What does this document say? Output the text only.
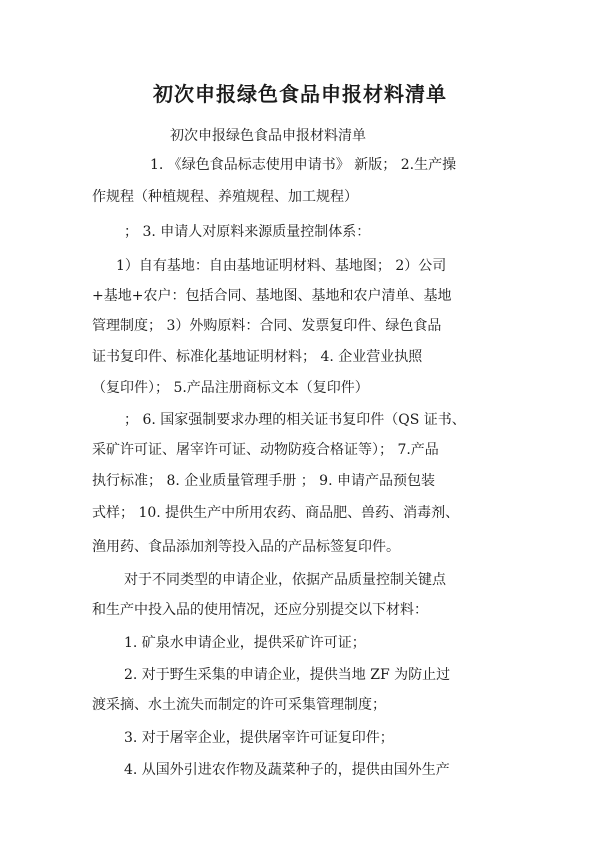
初次申报绿色食品申报材料清单
初次申报绿色食品申报材料清单
1. 《绿色食品标志使用申请书》 新版； 2.生产操
作规程（种植规程、养殖规程、加工规程）
； 3. 申请人对原料来源质量控制体系：
1）自有基地：自由基地证明材料、基地图； 2）公司
+基地+农户：包括合同、基地图、基地和农户清单、基地
管理制度； 3）外购原料：合同、发票复印件、绿色食品
证书复印件、标准化基地证明材料； 4. 企业营业执照
（复印件）； 5.产品注册商标文本（复印件）
； 6. 国家强制要求办理的相关证书复印件（QS 证书、
采矿许可证、屠宰许可证、动物防疫合格证等）； 7.产品
执行标准； 8. 企业质量管理手册 ； 9. 申请产品预包装
式样； 10. 提供生产中所用农药、商品肥、兽药、消毒剂、
渔用药、食品添加剂等投入品的产品标签复印件。
对于不同类型的申请企业，依据产品质量控制关键点
和生产中投入品的使用情况，还应分别提交以下材料：
1. 矿泉水申请企业，提供采矿许可证；
2. 对于野生采集的申请企业，提供当地 ZF 为防止过
渡采摘、水土流失而制定的许可采集管理制度；
3. 对于屠宰企业，提供屠宰许可证复印件；
4. 从国外引进农作物及蔬菜种子的，提供由国外生产
